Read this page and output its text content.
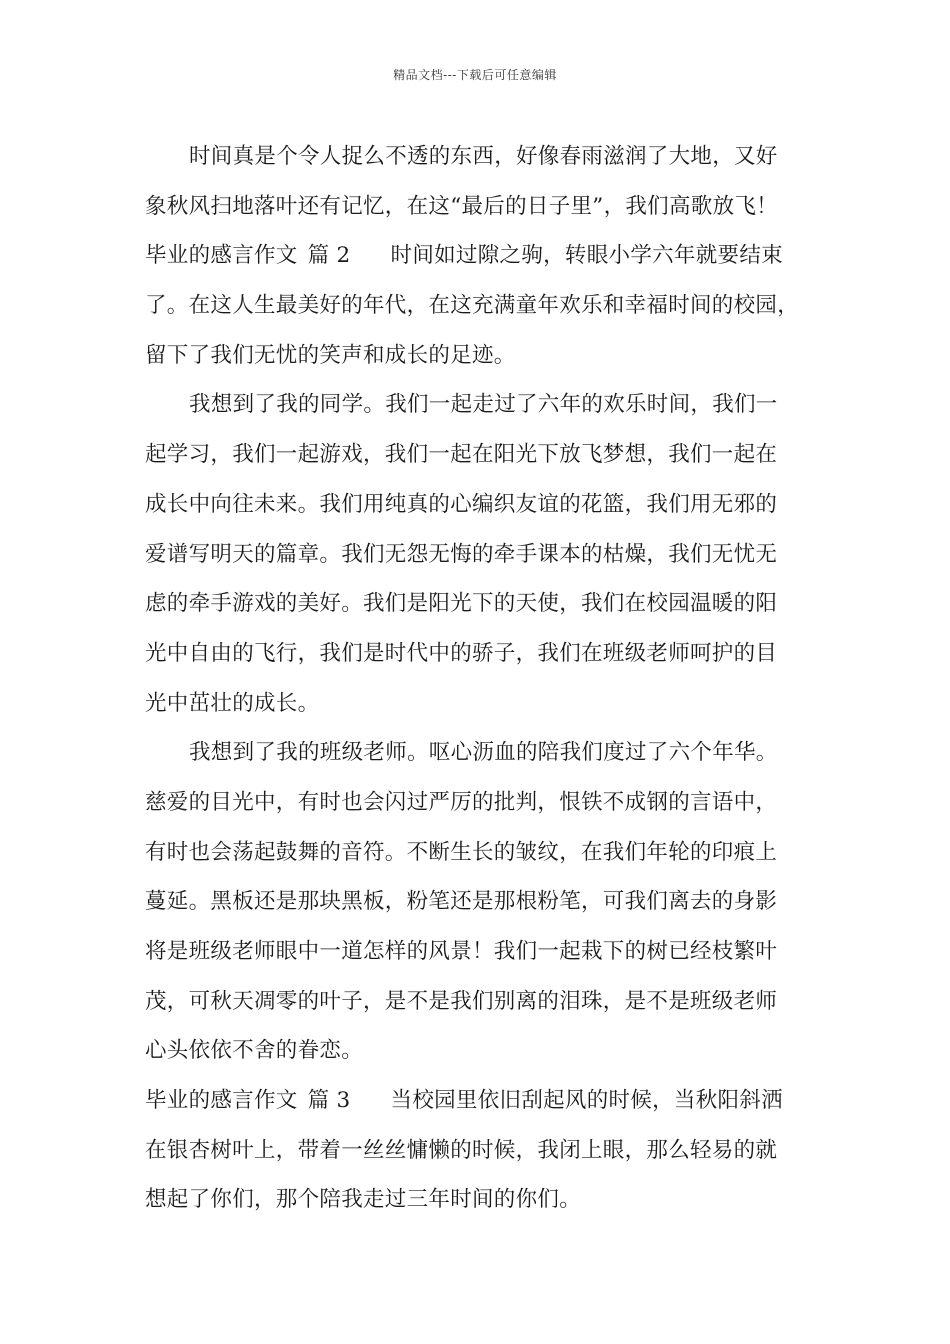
精品文档---下载后可任意编辑
时间真是个令人捉么不透的东西，好像春雨滋润了大地，又好
象秋风扫地落叶还有记忆，在这“最后的日子里”，我们高歌放飞！
毕业的感言作文 篇 2 时间如过隙之驹，转眼小学六年就要结束
了。在这人生最美好的年代，在这充满童年欢乐和幸福时间的校园，
留下了我们无忧的笑声和成长的足迹。
我想到了我的同学。我们一起走过了六年的欢乐时间，我们一
起学习，我们一起游戏，我们一起在阳光下放飞梦想，我们一起在
成长中向往未来。我们用纯真的心编织友谊的花篮，我们用无邪的
爱谱写明天的篇章。我们无怨无悔的牵手课本的枯燥，我们无忧无
虑的牵手游戏的美好。我们是阳光下的天使，我们在校园温暖的阳
光中自由的飞行，我们是时代中的骄子，我们在班级老师呵护的目
光中茁壮的成长。
我想到了我的班级老师。呕心沥血的陪我们度过了六个年华。
慈爱的目光中，有时也会闪过严厉的批判，恨铁不成钢的言语中，
有时也会荡起鼓舞的音符。不断生长的皱纹，在我们年轮的印痕上
蔓延。黑板还是那块黑板，粉笔还是那根粉笔，可我们离去的身影
将是班级老师眼中一道怎样的风景！我们一起栽下的树已经枝繁叶
茂，可秋天凋零的叶子，是不是我们别离的泪珠，是不是班级老师
心头依依不舍的眷恋。
毕业的感言作文 篇 3 当校园里依旧刮起风的时候，当秋阳斜洒
在银杏树叶上，带着一丝丝慵懒的时候，我闭上眼，那么轻易的就
想起了你们，那个陪我走过三年时间的你们。
